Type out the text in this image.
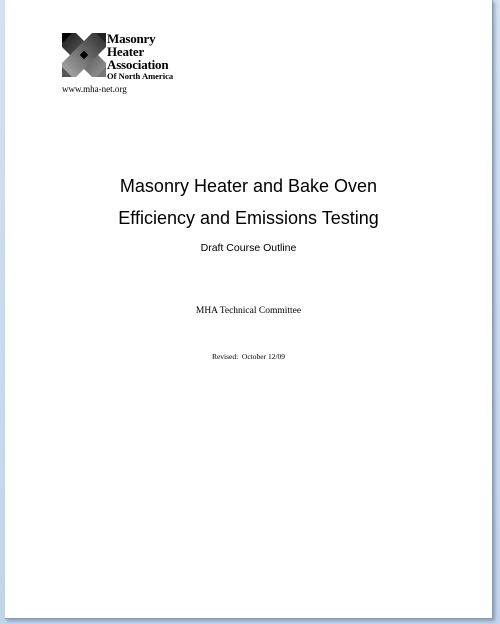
Masonry
Heater
Association
Of North America
www.mha-net.org
Masonry Heater and Bake Oven
Efficiency and Emissions Testing
Draft Course Outline
MHA Technical Committee
Revised:  October 12/09
